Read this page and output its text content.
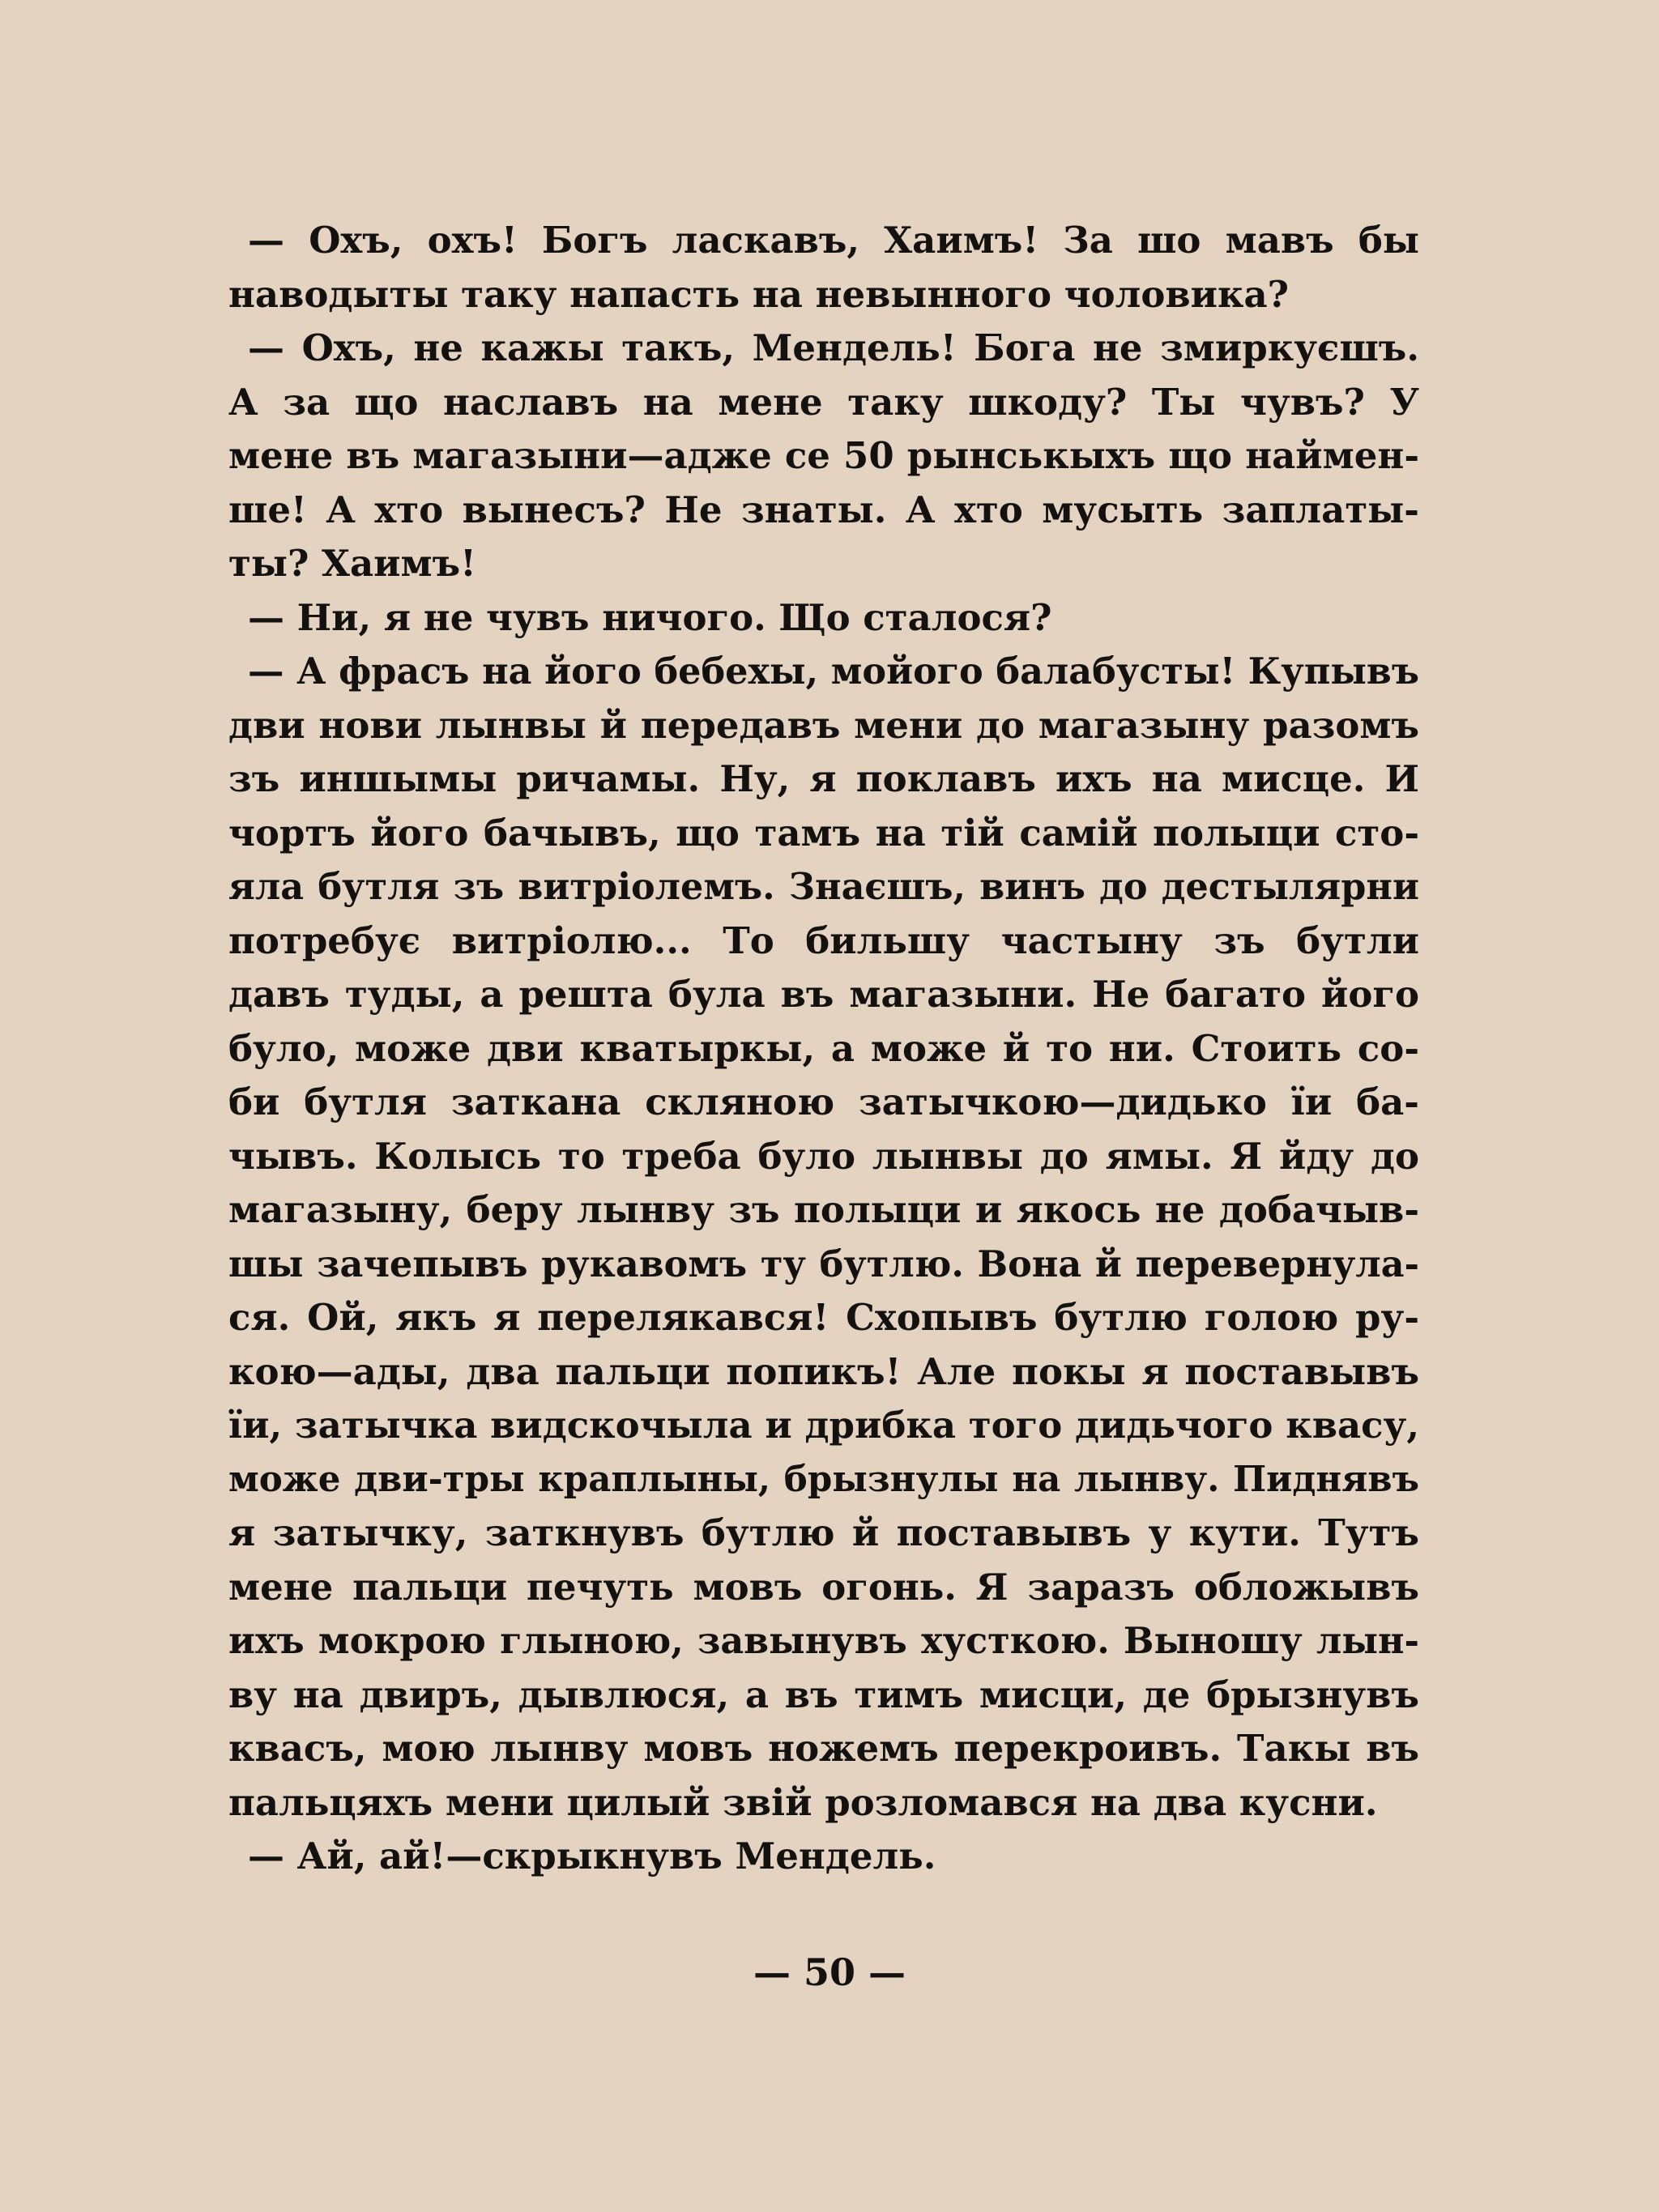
— Охъ, охъ! Богъ ласкавъ, Хаимъ! За шо мавъ бы
наводыты таку напасть на невынного чоловика?
— Охъ, не кажы такъ, Мендель! Бога не змиркуєшъ.
А за що наславъ на мене таку шкоду? Ты чувъ? У
мене въ магазыни—адже се 50 рынськыхъ що наймен-
ше! А хто вынесъ? Не знаты. А хто мусыть заплаты-
ты? Хаимъ!
— Ни, я не чувъ ничого. Що сталося?
— А фрасъ на його бебехы, мойого балабусты! Купывъ
дви нови лынвы й передавъ мени до магазыну разомъ
зъ иншымы ричамы. Ну, я поклавъ ихъ на мисце. И
чортъ його бачывъ, що тамъ на тій самій полыци сто-
яла бутля зъ витріолемъ. Знаєшъ, винъ до дестылярни
потребує витріолю... То бильшу частыну зъ бутли
давъ туды, а решта була въ магазыни. Не багато його
було, може дви кватыркы, а може й то ни. Стоить со-
би бутля заткана скляною затычкою—дидько їи ба-
чывъ. Колысь то треба було лынвы до ямы. Я йду до
магазыну, беру лынву зъ полыци и якось не добачыв-
шы зачепывъ рукавомъ ту бутлю. Вона й перевернула-
ся. Ой, якъ я перелякався! Схопывъ бутлю голою ру-
кою—ады, два пальци попикъ! Але покы я поставывъ
їи, затычка видскочыла и дрибка того дидьчого квасу,
може дви-тры краплыны, брызнулы на лынву. Пиднявъ
я затычку, заткнувъ бутлю й поставывъ у кути. Тутъ
мене пальци печуть мовъ огонь. Я заразъ обложывъ
ихъ мокрою глыною, завынувъ хусткою. Выношу лын-
ву на двиръ, дывлюся, а въ тимъ мисци, де брызнувъ
квасъ, мою лынву мовъ ножемъ перекроивъ. Такы въ
пальцяхъ мени цилый звій розломався на два кусни.
— Ай, ай!—скрыкнувъ Мендель.
— 50 —
